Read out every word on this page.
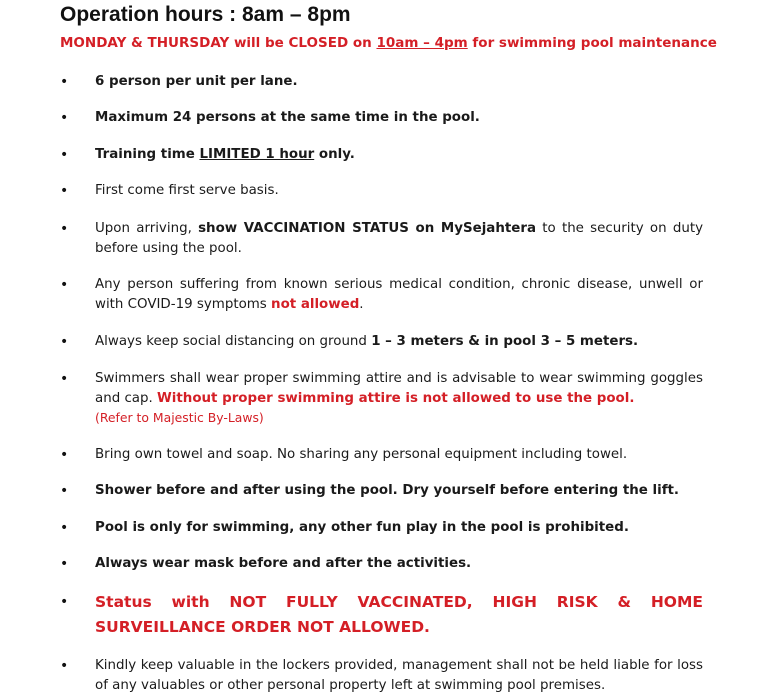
Operation hours : 8am – 8pm

MONDAY & THURSDAY will be CLOSED on 10am – 4pm for swimming pool maintenance

• 6 person per unit per lane.
• Maximum 24 persons at the same time in the pool.
• Training time LIMITED 1 hour only.
• First come first serve basis.
• Upon arriving, show VACCINATION STATUS on MySejahtera to the security on duty before using the pool.
• Any person suffering from known serious medical condition, chronic disease, unwell or with COVID-19 symptoms not allowed.
• Always keep social distancing on ground 1 – 3 meters & in pool 3 – 5 meters.
• Swimmers shall wear proper swimming attire and is advisable to wear swimming goggles and cap. Without proper swimming attire is not allowed to use the pool.
(Refer to Majestic By-Laws)
• Bring own towel and soap. No sharing any personal equipment including towel.
• Shower before and after using the pool. Dry yourself before entering the lift.
• Pool is only for swimming, any other fun play in the pool is prohibited.
• Always wear mask before and after the activities.
• Status with NOT FULLY VACCINATED, HIGH RISK & HOME
SURVEILLANCE ORDER NOT ALLOWED.
• Kindly keep valuable in the lockers provided, management shall not be held liable for loss of any valuables or other personal property left at swimming pool premises.
